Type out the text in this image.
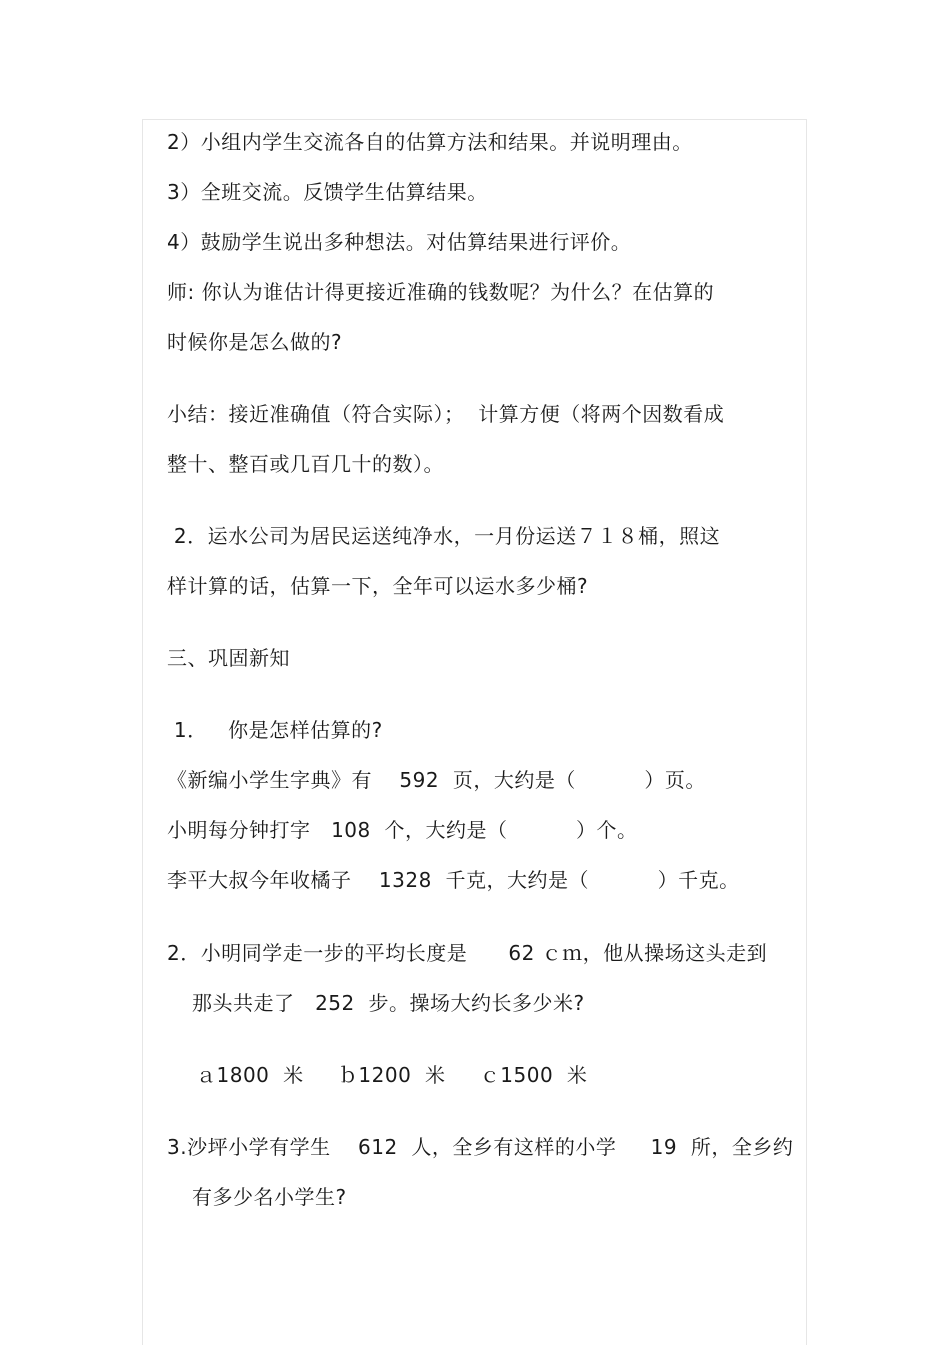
2）小组内学生交流各自的估算方法和结果。并说明理由。
3）全班交流。反馈学生估算结果。
4）鼓励学生说出多种想法。对估算结果进行评价。
师: 你认为谁估计得更接近准确的钱数呢？为什么？在估算的
时候你是怎么做的?
小结：接近准确值（符合实际）；  计算方便（将两个因数看成
整十、整百或几百几十的数）。
2．运水公司为居民运送纯净水，一月份运送７１８桶，照这
样计算的话，估算一下，全年可以运水多少桶?
三、巩固新知
1．   你是怎样估算的?
《新编小学生字典》有    592  页，大约是（          ）页。
小明每分钟打字   108  个，大约是（          ）个。
李平大叔今年收橘子    1328  千克，大约是（          ）千克。
2．小明同学走一步的平均长度是      62 ｃｍ，他从操场这头走到
那头共走了   252  步。操场大约长多少米?
ａ1800  米     ｂ1200  米     ｃ1500  米
3.沙坪小学有学生    612  人，全乡有这样的小学     19  所，全乡约
有多少名小学生?
